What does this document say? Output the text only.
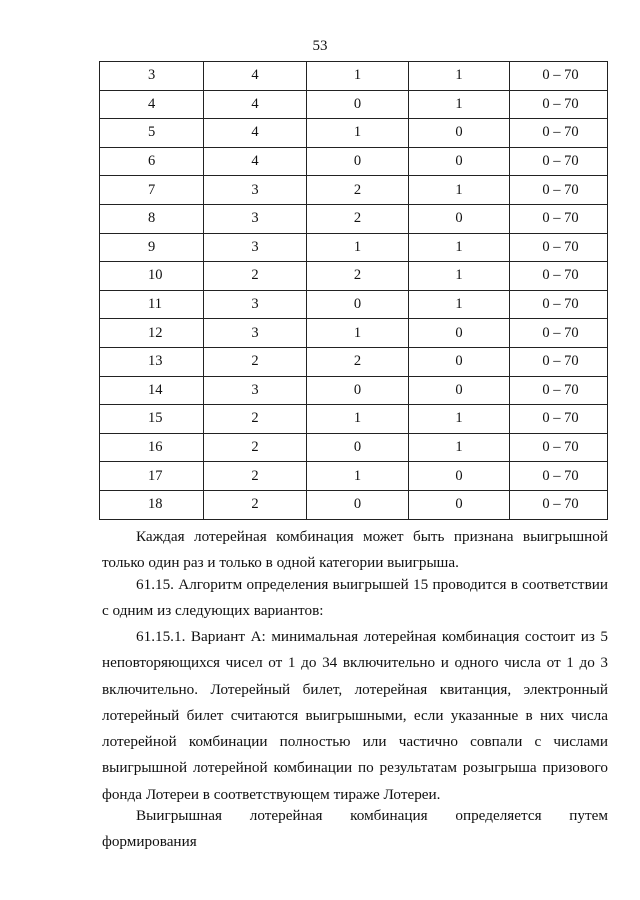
53
3	4	1	1	0 – 70
4	4	0	1	0 – 70
5	4	1	0	0 – 70
6	4	0	0	0 – 70
7	3	2	1	0 – 70
8	3	2	0	0 – 70
9	3	1	1	0 – 70
10	2	2	1	0 – 70
11	3	0	1	0 – 70
12	3	1	0	0 – 70
13	2	2	0	0 – 70
14	3	0	0	0 – 70
15	2	1	1	0 – 70
16	2	0	1	0 – 70
17	2	1	0	0 – 70
18	2	0	0	0 – 70

Каждая лотерейная комбинация может быть признана выигрышной только один раз и только в одной категории выигрыша.

61.15. Алгоритм определения выигрышей 15 проводится в соответствии с одним из следующих вариантов:

61.15.1. Вариант А: минимальная лотерейная комбинация состоит из 5 неповторяющихся чисел от 1 до 34 включительно и одного числа от 1 до 3 включительно. Лотерейный билет, лотерейная квитанция, электронный лотерейный билет считаются выигрышными, если указанные в них числа лотерейной комбинации полностью или частично совпали с числами выигрышной лотерейной комбинации по результатам розыгрыша призового фонда Лотереи в соответствующем тираже Лотереи.

Выигрышная лотерейная комбинация определяется путем формирования
